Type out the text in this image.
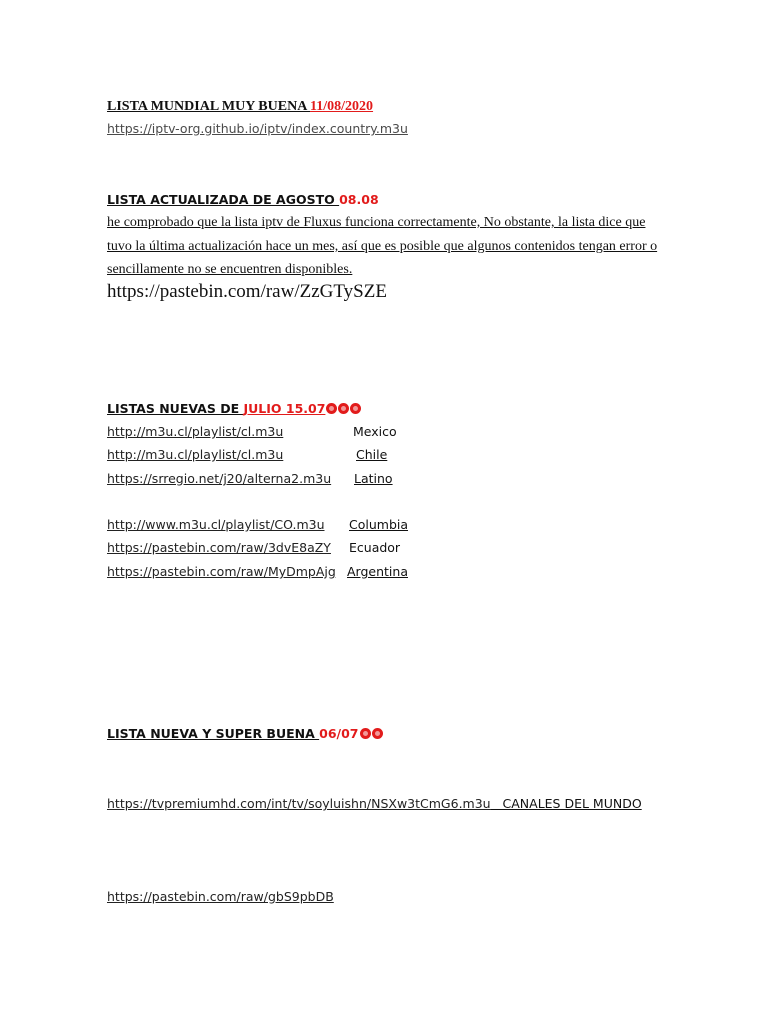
LISTA MUNDIAL MUY BUENA 11/08/2020
https://iptv-org.github.io/iptv/index.country.m3u
LISTA ACTUALIZADA DE AGOSTO 08.08
he comprobado que la lista iptv de Fluxus funciona correctamente, No obstante, la lista dice que
tuvo la última actualización hace un mes, así que es posible que algunos contenidos tengan error o
sencillamente no se encuentren disponibles.
https://pastebin.com/raw/ZzGTySZE
LISTAS NUEVAS DE JULIO 15.07
http://m3u.cl/playlist/cl.m3u	Mexico
http://m3u.cl/playlist/cl.m3u	Chile
https://srregio.net/j20/alterna2.m3u Latino
http://www.m3u.cl/playlist/CO.m3u Columbia
https://pastebin.com/raw/3dvE8aZY Ecuador
https://pastebin.com/raw/MyDmpAjg Argentina
LISTA NUEVA Y SUPER BUENA 06/07
https://tvpremiumhd.com/int/tv/soyluishn/NSXw3tCmG6.m3u   CANALES DEL MUNDO
https://pastebin.com/raw/gbS9pbDB
